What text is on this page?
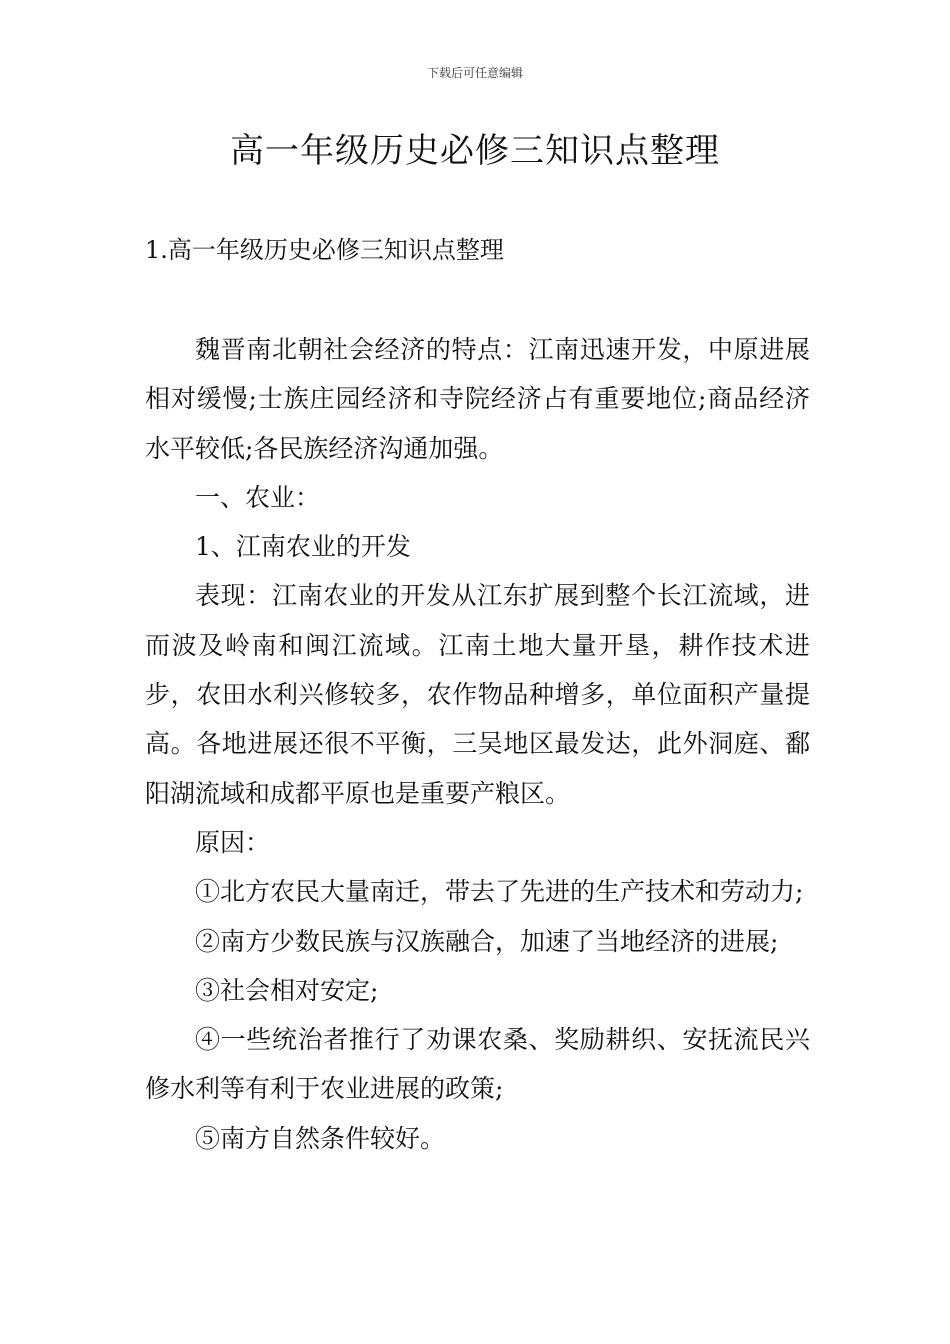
下载后可任意编辑
高一年级历史必修三知识点整理
1.高一年级历史必修三知识点整理

魏晋南北朝社会经济的特点：江南迅速开发，中原进展相对缓慢;士族庄园经济和寺院经济占有重要地位;商品经济水平较低;各民族经济沟通加强。

一、农业：

1、江南农业的开发

表现：江南农业的开发从江东扩展到整个长江流域，进而波及岭南和闽江流域。江南土地大量开垦，耕作技术进步，农田水利兴修较多，农作物品种增多，单位面积产量提高。各地进展还很不平衡，三吴地区最发达，此外洞庭、鄱阳湖流域和成都平原也是重要产粮区。

原因：

①北方农民大量南迁，带去了先进的生产技术和劳动力;

②南方少数民族与汉族融合，加速了当地经济的进展;

③社会相对安定;

④一些统治者推行了劝课农桑、奖励耕织、安抚流民兴修水利等有利于农业进展的政策;

⑤南方自然条件较好。
